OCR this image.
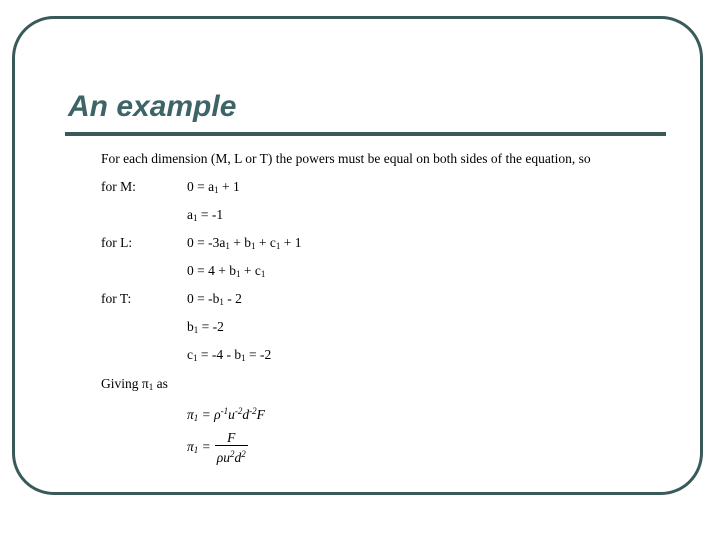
An example
For each dimension (M, L or T) the powers must be equal on both sides of the equation, so
for M:	$0 = a_1 + 1$
$a_1 = -1$
for L:	$0 = -3a_1 + b_1 + c_1 + 1$
$0 = 4 + b_1 + c_1$
for T:	$0 = -b_1 - 2$
$b_1 = -2$
$c_1 = -4 - b_1 = -2$
Giving $\pi_1$ as
$\pi_1 = \rho^{-1}u^{-2}d^{-2}F$
$\pi_1 = \frac{F}{\rho u^2d^2}$
